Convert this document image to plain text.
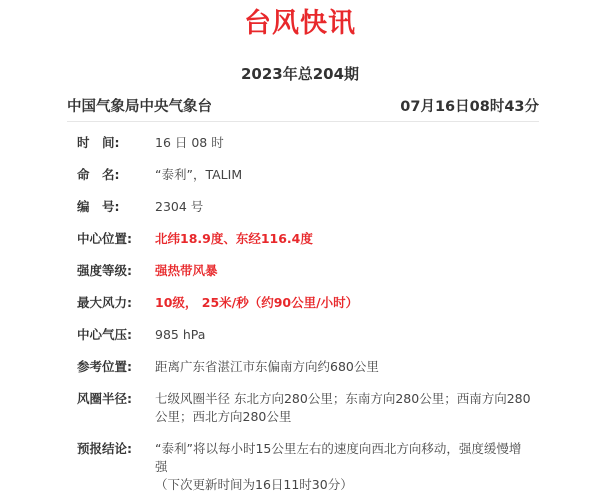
台风快讯
2023年总204期
中国气象局中央气象台	07月16日08时43分
时　间:	16 日 08 时
命　名:	“泰利”，TALIM
编　号:	2304 号
中心位置:	北纬18.9度、东经116.4度
强度等级:	强热带风暴
最大风力:	10级， 25米/秒（约90公里/小时）
中心气压:	985 hPa
参考位置:	距离广东省湛江市东偏南方向约680公里
风圈半径:	七级风圈半径 东北方向280公里；东南方向280公里；西南方向280公里；西北方向280公里
预报结论:	“泰利”将以每小时15公里左右的速度向西北方向移动，强度缓慢增强
（下次更新时间为16日11时30分）
